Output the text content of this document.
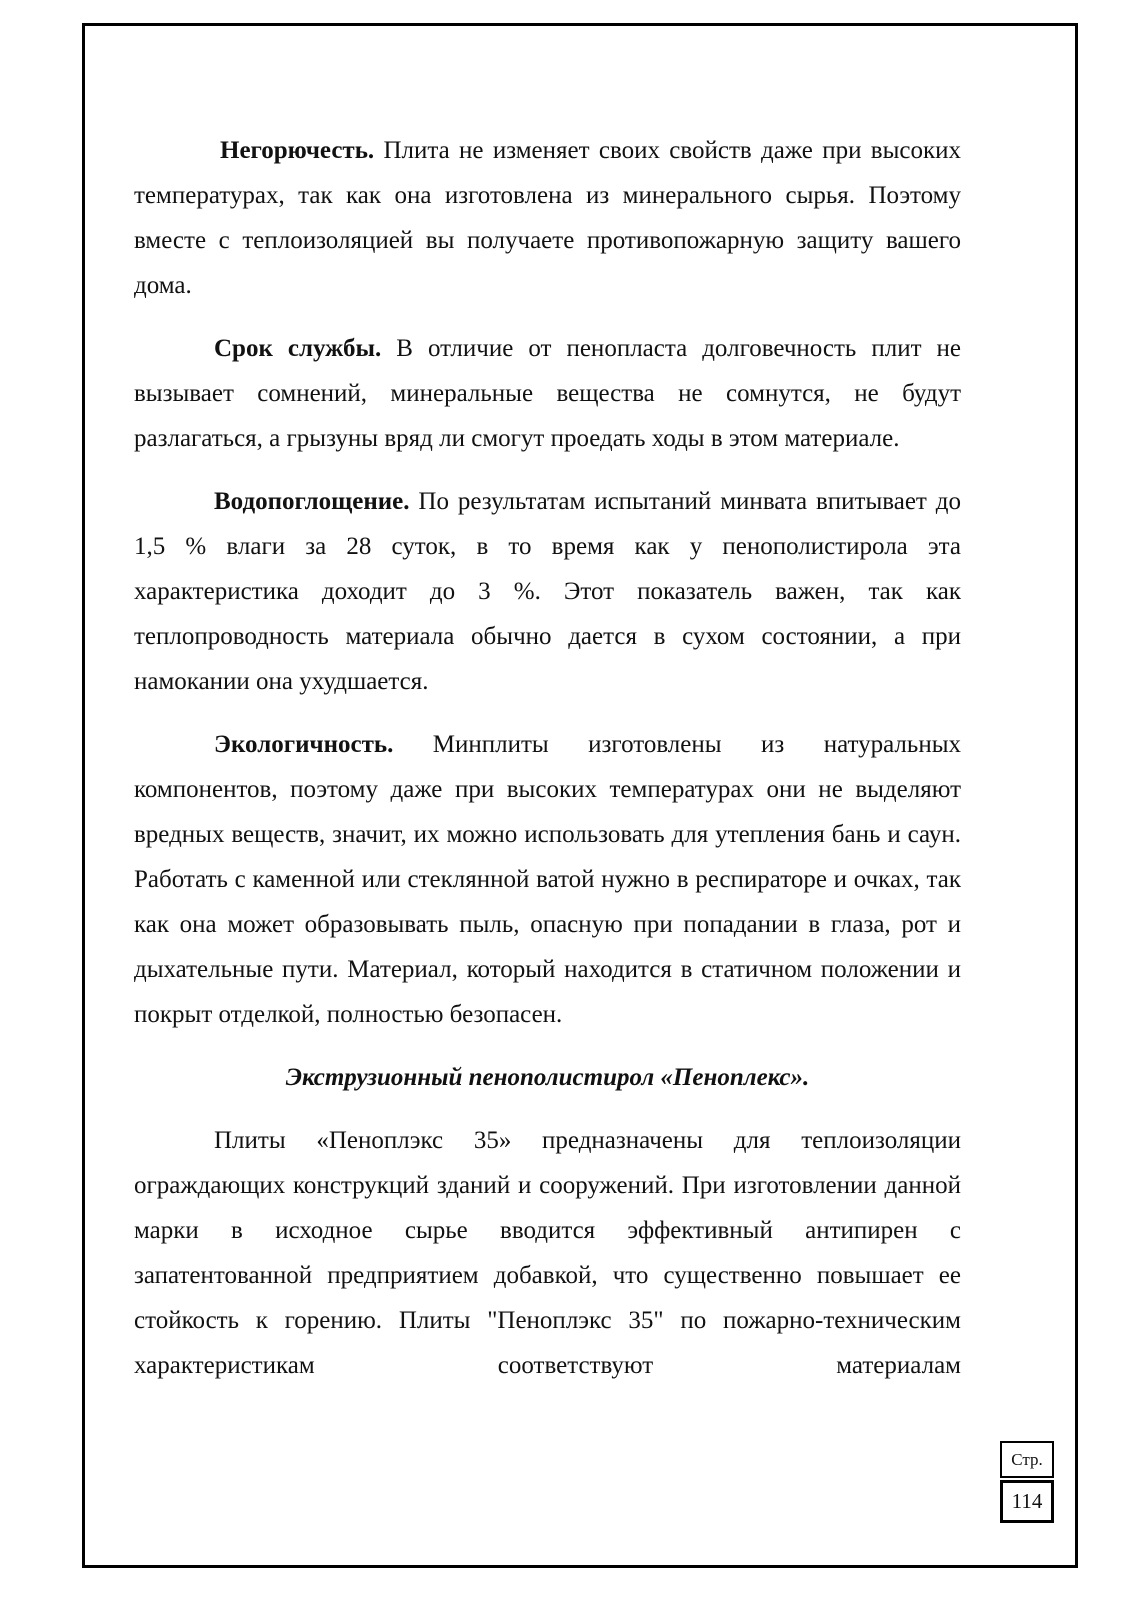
Негорючесть. Плита не изменяет своих свойств даже при высоких температурах, так как она изготовлена из минерального сырья. Поэтому вместе с теплоизоляцией вы получаете противопожарную защиту вашего дома.

Срок службы. В отличие от пенопласта долговечность плит не вызывает сомнений, минеральные вещества не сомнутся, не будут разлагаться, а грызуны вряд ли смогут проедать ходы в этом материале.

Водопоглощение. По результатам испытаний минвата впитывает до 1,5 % влаги за 28 суток, в то время как у пенополистирола эта характеристика доходит до 3 %. Этот показатель важен, так как теплопроводность материала обычно дается в сухом состоянии, а при намокании она ухудшается.

Экологичность. Минплиты изготовлены из натуральных компонентов, поэтому даже при высоких температурах они не выделяют вредных веществ, значит, их можно использовать для утепления бань и саун. Работать с каменной или стеклянной ватой нужно в респираторе и очках, так как она может образовывать пыль, опасную при попадании в глаза, рот и дыхательные пути. Материал, который находится в статичном положении и покрыт отделкой, полностью безопасен.

Экструзионный пенополистирол «Пеноплекс».

Плиты «Пеноплэкс 35» предназначены для теплоизоляции ограждающих конструкций зданий и сооружений. При изготовлении данной марки в исходное сырье вводится эффективный антипирен с запатентованной предприятием добавкой, что существенно повышает ее стойкость к горению. Плиты "Пеноплэкс 35" по пожарно-техническим характеристикам соответствуют материалам

Стр.
114
